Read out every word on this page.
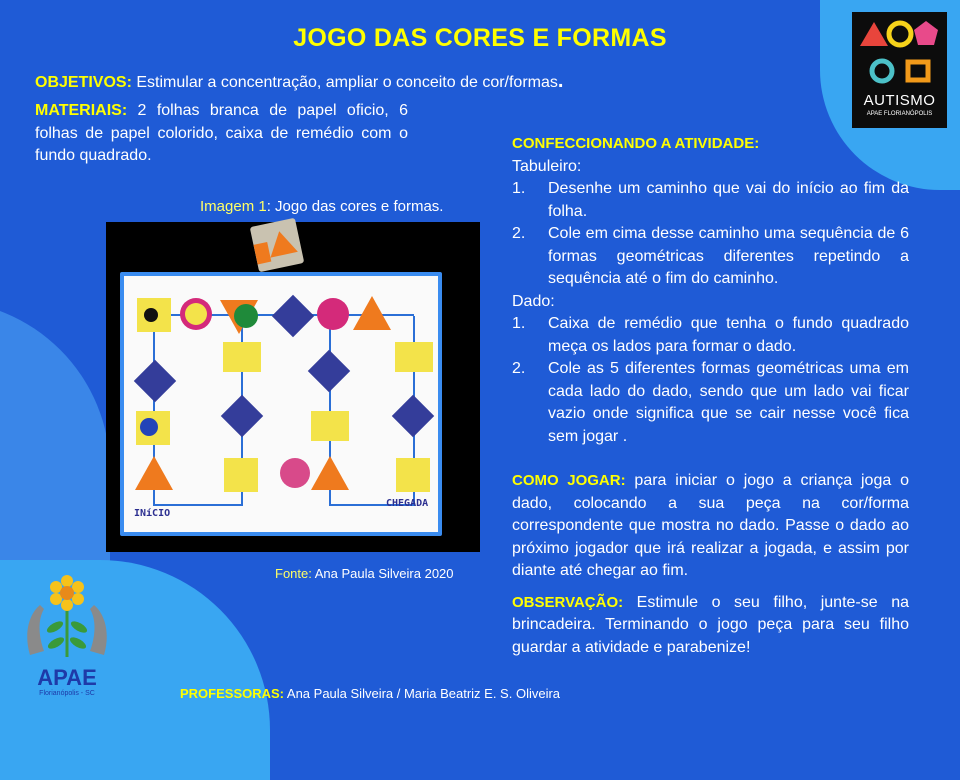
JOGO DAS CORES E FORMAS
OBJETIVOS: Estimular a concentração, ampliar o conceito de cor/formas.
MATERIAIS: 2 folhas branca de papel oficio, 6
folhas de papel colorido, caixa de remédio com o
fundo quadrado.
Imagem 1: Jogo das cores e formas.
INíCIO
CHEGADA
Fonte: Ana Paula Silveira 2020
CONFECCIONANDO A ATIVIDADE:
Tabuleiro:
1. Desenhe um caminho que vai do início ao fim da folha.
2. Cole em cima desse caminho uma sequência de 6 formas geométricas diferentes repetindo a sequência até o fim do caminho.
Dado:
1. Caixa de remédio que tenha o fundo quadrado meça os lados para formar o dado.
2. Cole as 5 diferentes formas geométricas uma em cada lado do dado, sendo que um lado vai ficar vazio onde significa que se cair nesse você fica sem jogar .
COMO JOGAR: para iniciar o jogo a criança joga o dado, colocando a sua peça na cor/forma correspondente que mostra no dado. Passe o dado ao próximo jogador que irá realizar a jogada, e assim por diante até chegar ao fim.
OBSERVAÇÃO: Estimule o seu filho, junte-se na brincadeira. Terminando o jogo peça para seu filho guardar a atividade e parabenize!
AUTISMO
APAE FLORIANÓPOLIS
APAE
Florianópolis - SC	PROFESSORAS: Ana Paula Silveira / Maria Beatriz E. S. Oliveira
